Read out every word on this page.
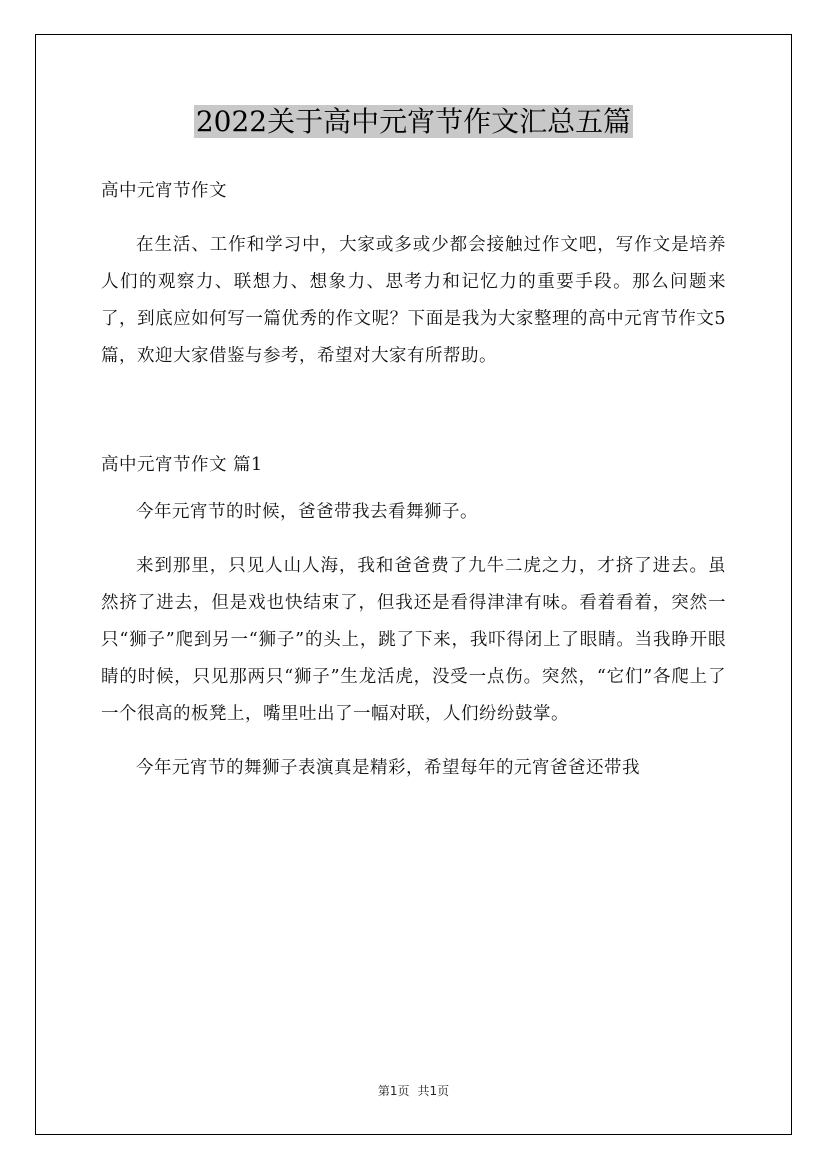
2022关于高中元宵节作文汇总五篇

高中元宵节作文

在生活、工作和学习中，大家或多或少都会接触过作文吧，写作文是培养人们的观察力、联想力、想象力、思考力和记忆力的重要手段。那么问题来了，到底应如何写一篇优秀的作文呢？下面是我为大家整理的高中元宵节作文5篇，欢迎大家借鉴与参考，希望对大家有所帮助。

高中元宵节作文 篇1

今年元宵节的时候，爸爸带我去看舞狮子。

来到那里，只见人山人海，我和爸爸费了九牛二虎之力，才挤了进去。虽然挤了进去，但是戏也快结束了，但我还是看得津津有味。看着看着，突然一只“狮子”爬到另一“狮子”的头上，跳了下来，我吓得闭上了眼睛。当我睁开眼睛的时候，只见那两只“狮子”生龙活虎，没受一点伤。突然，“它们”各爬上了一个很高的板凳上，嘴里吐出了一幅对联，人们纷纷鼓掌。

今年元宵节的舞狮子表演真是精彩，希望每年的元宵爸爸还带我

第1页 共1页
